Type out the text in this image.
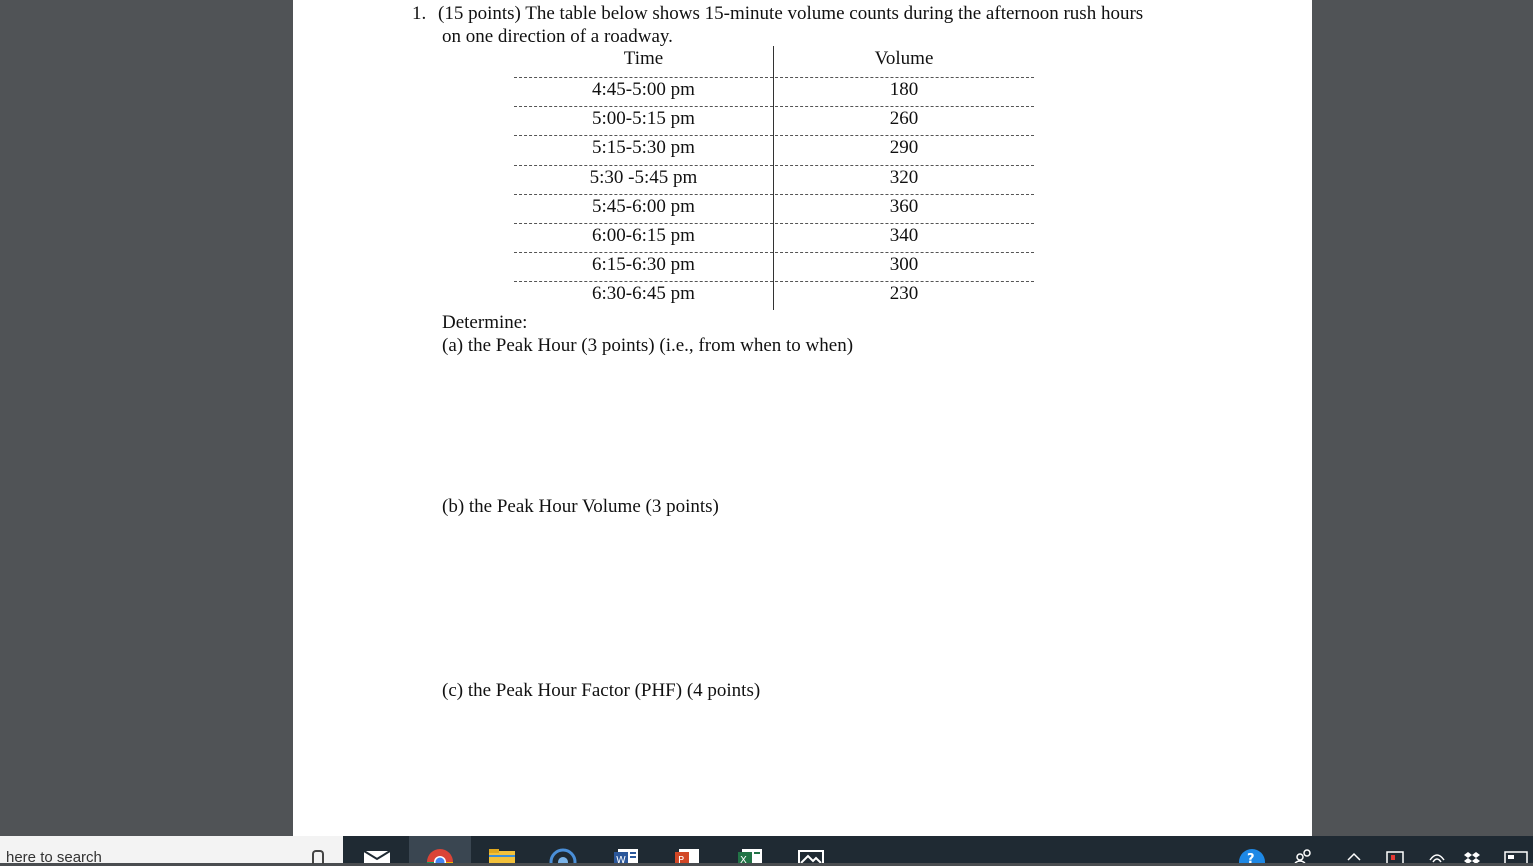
1. (15 points) The table below shows 15-minute volume counts during the afternoon rush hours
on one direction of a roadway.
Time	Volume
4:45-5:00 pm	180
5:00-5:15 pm	260
5:15-5:30 pm	290
5:30 -5:45 pm	320
5:45-6:00 pm	360
6:00-6:15 pm	340
6:15-6:30 pm	300
6:30-6:45 pm	230
Determine:
(a) the Peak Hour (3 points) (i.e., from when to when)
(b) the Peak Hour Volume (3 points)
(c) the Peak Hour Factor (PHF) (4 points)
here to search	W	P	X	?
